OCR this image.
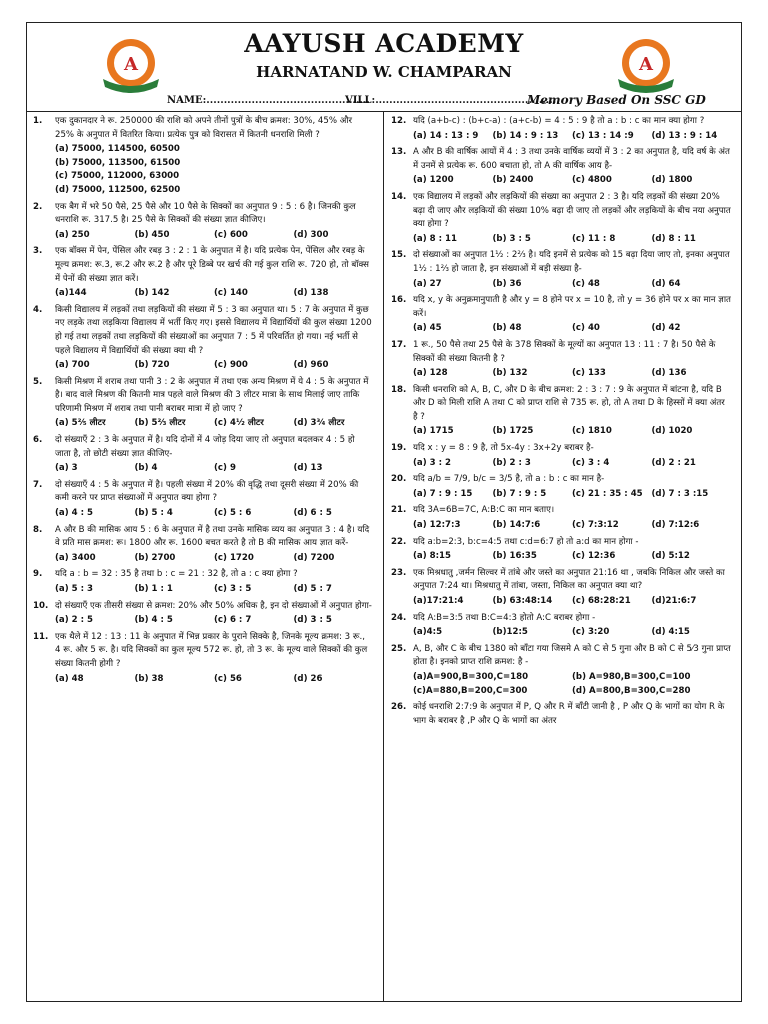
A	A
AAYUSH ACADEMY
HARNATAND W. CHAMPARAN
NAME:...............................................
VILL:.....................................................
Memory Based On SSC GD
1.	एक दुकानदार ने रू. 250000 की राशि को अपने तीनों पुत्रों के बीच क्रमश: 30%, 45% और 25% के अनुपात में वितरित किया। प्रत्येक पुत्र को विरासत में कितनी धनराशि मिली ?
(a) 75000, 114500, 60500
(b) 75000, 113500, 61500
(c) 75000, 112000, 63000
(d) 75000, 112500, 62500
2.	एक बैग में भरे 50 पैसे, 25 पैसे और 10 पैसे के सिक्कों का अनुपात 9 : 5 : 6 है। जिनकी कुल धनराशि रू. 317.5 है। 25 पैसे के सिक्कों की संख्या ज्ञात कीजिए।
(a) 250	(b) 450	(c) 600	(d) 300
3.	एक बॉक्स में पेन, पेंसिल और रबड़ 3 : 2 : 1 के अनुपात में है। यदि प्रत्येक पेन, पेंसिल और रबड़ के मूल्य क्रमश: रू.3, रू.2 और रू.2 है और पूरे डिब्बे पर खर्च की गई कुल राशि रू. 720 हो, तो बॉक्स में पेनों की संख्या ज्ञात करें।
(a)144	(b) 142	(c) 140	(d) 138
4.	किसी विद्यालय में लड़कों तथा लड़कियों की संख्या में 5 : 3 का अनुपात था। 5 : 7 के अनुपात में कुछ नए लड़के तथा लड़किया विद्यालय में भर्ती किए गए। इससे विद्यालय में विद्यार्थियों की कुल संख्या 1200 हो गई तथा लड़कों तथा लड़कियों की संख्याओं का अनुपात 7 : 5 में परिवर्तित हो गया। नई भर्ती से पहले विद्यालय में विद्यार्थियों की संख्या क्या थी ?
(a) 700	(b) 720	(c) 900	(d) 960
5.	किसी मिश्रण में शराब तथा पानी 3 : 2 के अनुपात में तथा एक अन्य मिश्रण में ये 4 : 5 के अनुपात में है। बाद वाले मिश्रण की कितनी मात्र पहले वाले मिश्रण की 3 लीटर मात्रा के साथ मिलाई जाए ताकि परिणामी मिश्रण में शराब तथा पानी बराबर मात्रा में हो जाए ?
(a) 5²⁄₅ लीटर	(b) 5²⁄₃ लीटर	(c) 4¹⁄₂ लीटर	(d) 3³⁄₄ लीटर
6.	दो संख्याएँ 2 : 3 के अनुपात में है। यदि दोनों में 4 जोड़ दिया जाए तो अनुपात बदलकर 4 : 5 हो जाता है, तो छोटी संख्या ज्ञात कीजिए-
(a) 3	(b) 4	(c) 9	(d) 13
7.	दो संख्याएँ 4 : 5 के अनुपात में है। पहली संख्या में 20% की वृद्धि तथा दूसरी संख्या में 20% की कमी करने पर प्राप्त संख्याओं में अनुपात क्या होगा ?
(a) 4 : 5	(b) 5 : 4	(c) 5 : 6	(d) 6 : 5
8.	A और B की मासिक आय 5 : 6 के अनुपात में है तथा उनके मासिक व्यय का अनुपात 3 : 4 है। यदि वे प्रति मास क्रमश: रू। 1800 और रू. 1600 बचत करते है तो B की मासिक आय ज्ञात करें-
(a) 3400	(b) 2700	(c) 1720	(d) 7200
9.	यदि a : b = 32 : 35 है तथा b : c = 21 : 32 है, तो a : c क्या होगा ?
(a) 5 : 3	(b) 1 : 1	(c) 3 : 5	(d) 5 : 7
10. दो संख्याएँ एक तीसरी संख्या से क्रमश: 20% और 50% अधिक है, इन दो संख्याओं में अनुपात होगा-
(a) 2 : 5	(b) 4 : 5	(c) 6 : 7	(d) 3 : 5
11. एक थैले में 12 : 13 : 11 के अनुपात में भिन्न प्रकार के पुराने सिक्के है, जिनके मूल्य क्रमश: 3 रू., 4 रू. और 5 रू. है। यदि सिक्कों का कुल मूल्य 572 रू. हो, तो 3 रू. के मूल्य वाले सिक्कों की कुल संख्या कितनी होगी ?
(a) 48	(b) 38	(c) 56	(d) 26
12. यदि (a+b-c) : (b+c-a) : (a+c-b) = 4 : 5 : 9 है तो a : b : c का मान क्या होगा ?
(a) 14 : 13 : 9	(b) 14 : 9 : 13	(c) 13 : 14 :9	(d) 13 : 9 : 14
13. A और B की वार्षिक आयों में 4 : 3 तथा उनके वार्षिक व्ययों में 3 : 2 का अनुपात है, यदि वर्ष के अंत में उनमें से प्रत्येक रू. 600 बचाता हो, तो A की वार्षिक आय है-
(a) 1200	(b) 2400	(c) 4800	(d) 1800
14. एक विद्यालय में लड़कों और लड़कियों की संख्या का अनुपात 2 : 3 है। यदि लड़कों की संख्या 20% बढ़ा दी जाए और लड़कियों की संख्या 10% बढ़ा दी जाए तो लड़कों और लड़कियों के बीच नया अनुपात क्या होगा ?
(a) 8 : 11	(b) 3 : 5	(c) 11 : 8	(d) 8 : 11
15. दो संख्याओं का अनुपात 1½ : 2⅔ है। यदि इनमें से प्रत्येक को 15 बढ़ा दिया जाए तो, इनका अनुपात 1½ : 1⅔ हो जाता है, इन संख्याओं में बड़ी संख्या है-
(a) 27	(b) 36	(c) 48	(d) 64
16. यदि x, y के अनुक्रमानुपाती है और y = 8 होने पर x = 10 है, तो y = 36 होने पर x का मान ज्ञात करें।
(a) 45	(b) 48	(c) 40	(d) 42
17. 1 रू., 50 पैसे तथा 25 पैसे के 378 सिक्कों के मूल्यों का अनुपात 13 : 11 : 7 है। 50 पैसे के सिक्कों की संख्या कितनी है ?
(a) 128	(b) 132	(c) 133	(d) 136
18. किसी धनराशि को A, B, C, और D के बीच क्रमश: 2 : 3 : 7 : 9 के अनुपात में बांटना है, यदि B और D को मिली राशि A तथा C को प्राप्त राशि से 735 रू. हो, तो A तथा D के हिस्सों में क्या अंतर है ?
(a) 1715	(b) 1725	(c) 1810	(d) 1020
19. यदि x : y = 8 : 9 है, तो 5x-4y : 3x+2y बराबर है-
(a) 3 : 2	(b) 2 : 3	(c) 3 : 4	(d) 2 : 21
20. यदि a/b = 7/9, b/c = 3/5 है, तो a : b : c का मान है-
(a) 7 : 9 : 15	(b) 7 : 9 : 5	(c) 21 : 35 : 45	(d) 7 : 3 :15
21. यदि 3A=6B=7C, A:B:C का मान बताए।
(a) 12:7:3	(b) 14:7:6	(c) 7:3:12	(d) 7:12:6
22. यदि a:b=2:3, b:c=4:5 तथा c:d=6:7 हो तो a:d का मान होगा -
(a) 8:15	(b) 16:35	(c) 12:36	(d) 5:12
23. एक मिश्रधातु ,जर्मन सिल्वर में तांबे और जस्ते का अनुपात 21:16 था , जबकि निकिल और जस्ते का अनुपात 7:24 था। मिश्रधातु में तांबा, जस्ता, निकिल का अनुपात क्या था?
(a)17:21:4	(b) 63:48:14	(c) 68:28:21	(d)21:6:7
24. यदि A:B=3:5 तथा B:C=4:3 होतो A:C बराबर होगा -
(a)4:5	(b)12:5	(c) 3:20	(d) 4:15
25. A, B, और C के बीच 1380 को बाँटा गया जिसमे A को C से 5 गुना और B को C से 5⁄3 गुना प्राप्त होता है। इनको प्राप्त राशि क्रमश: है -
(a)A=900,B=300,C=180	(b) A=980,B=300,C=100
(c)A=880,B=200,C=300	(d) A=800,B=300,C=280
26. कोई धनराशि 2:7:9 के अनुपात में P, Q और R में बाँटी जानी है , P और Q के भागों का योग R के भाग के बराबर है ,P और Q के भागों का अंतर
